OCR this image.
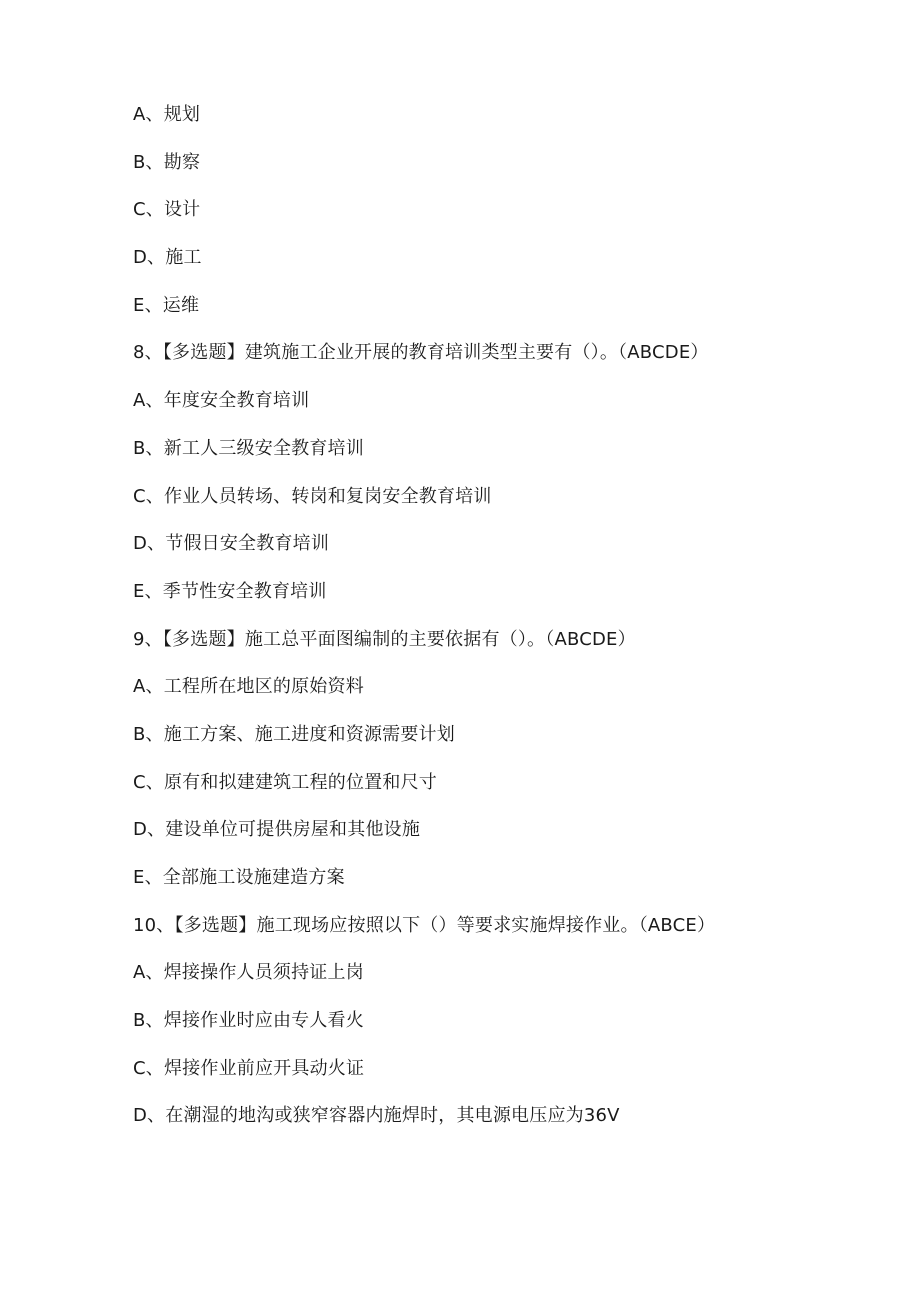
A、规划
B、勘察
C、设计
D、施工
E、运维
8、【多选题】建筑施工企业开展的教育培训类型主要有（）。（ABCDE）
A、年度安全教育培训
B、新工人三级安全教育培训
C、作业人员转场、转岗和复岗安全教育培训
D、节假日安全教育培训
E、季节性安全教育培训
9、【多选题】施工总平面图编制的主要依据有（）。（ABCDE）
A、工程所在地区的原始资料
B、施工方案、施工进度和资源需要计划
C、原有和拟建建筑工程的位置和尺寸
D、建设单位可提供房屋和其他设施
E、全部施工设施建造方案
10、【多选题】施工现场应按照以下（）等要求实施焊接作业。（ABCE）
A、焊接操作人员须持证上岗
B、焊接作业时应由专人看火
C、焊接作业前应开具动火证
D、在潮湿的地沟或狭窄容器内施焊时，其电源电压应为36V
